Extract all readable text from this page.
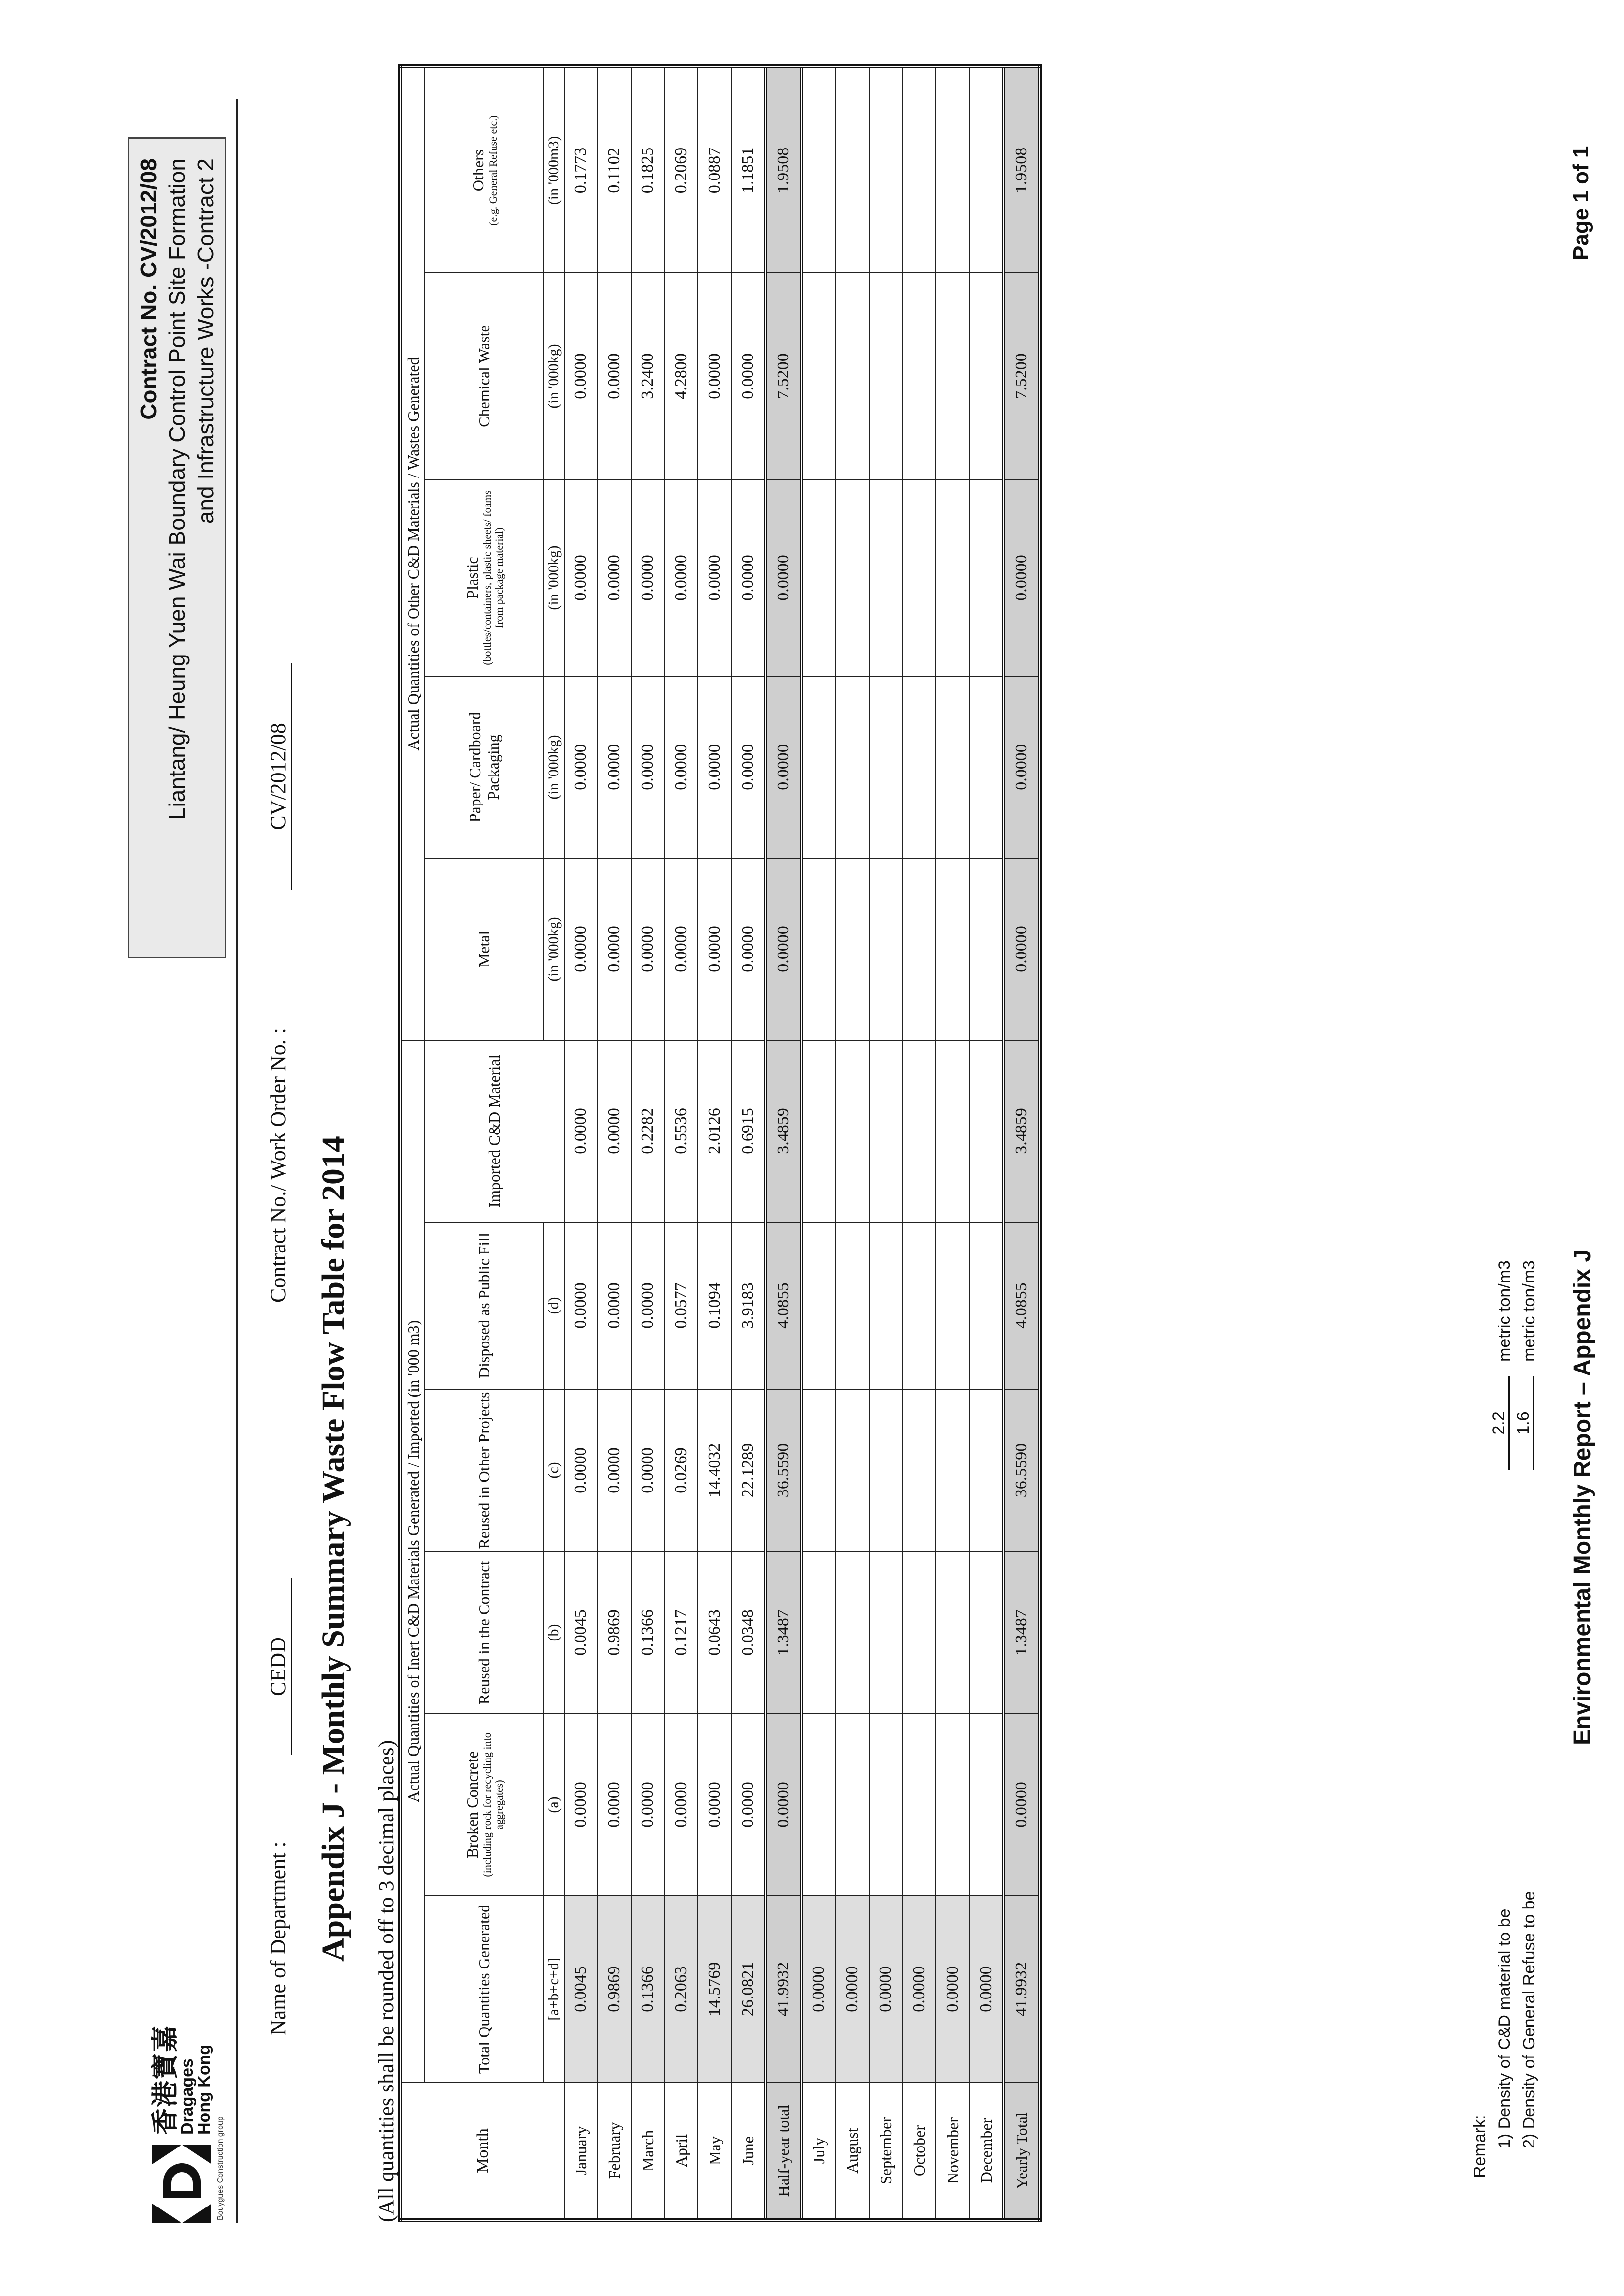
香港寶嘉
Dragages
Hong Kong
Bouygues Construction group
Contract No. CV/2012/08 Liantang/ Heung Yuen Wai Boundary Control Point Site Formation and Infrastructure Works -Contract 2
Name of Department :
CEDD
Contract No./ Work Order No. :
CV/2012/08
Appendix J - Monthly Summary Waste Flow Table for 2014
(All quantities shall be rounded off to 3 decimal places)	Month	Actual Quantities of Inert C&D Materials Generated / Imported (in '000 m3)						Actual Quantities of Other C&D Materials / Wastes Generated				
	Total Quantities Generated	Broken Concrete (including rock for recycling into aggregates)	Reused in the Contract	Reused in Other Projects	Disposed as Public Fill	Imported C&D Material	Metal	Paper/ Cardboard Packaging	Plastic (bottles/containers, plastic sheets/ foams from package material)	Chemical Waste	Others (e.g. General Refuse etc.)

	[a+b+c+d]	(a)	(b)	(c)	(d)		(in '000kg)	(in '000kg)	(in '000kg)	(in '000kg)	(in '000m3)
January	0.0045	0.0000	0.0045	0.0000	0.0000	0.0000	0.0000	0.0000	0.0000	0.0000	0.1773
February	0.9869	0.0000	0.9869	0.0000	0.0000	0.0000	0.0000	0.0000	0.0000	0.0000	0.1102
March	0.1366	0.0000	0.1366	0.0000	0.0000	0.2282	0.0000	0.0000	0.0000	3.2400	0.1825
April	0.2063	0.0000	0.1217	0.0269	0.0577	0.5536	0.0000	0.0000	0.0000	4.2800	0.2069
May	14.5769	0.0000	0.0643	14.4032	0.1094	2.0126	0.0000	0.0000	0.0000	0.0000	0.0887
June	26.0821	0.0000	0.0348	22.1289	3.9183	0.6915	0.0000	0.0000	0.0000	0.0000	1.1851
Half-year total	41.9932	0.0000	1.3487	36.5590	4.0855	3.4859	0.0000	0.0000	0.0000	7.5200	1.9508
July	0.0000										
August	0.0000										
September	0.0000										
October	0.0000										
November	0.0000										
December	0.0000										
Yearly Total	41.9932	0.0000	1.3487	36.5590	4.0855	3.4859	0.0000	0.0000	0.0000	7.5200	1.9508
Remark: 1) Density of C&D material to be
2.2
metric ton/m3
2) Density of General Refuse to be
1.6
metric ton/m3 Environmental Monthly Report – Appendix J
Page 1 of 1
